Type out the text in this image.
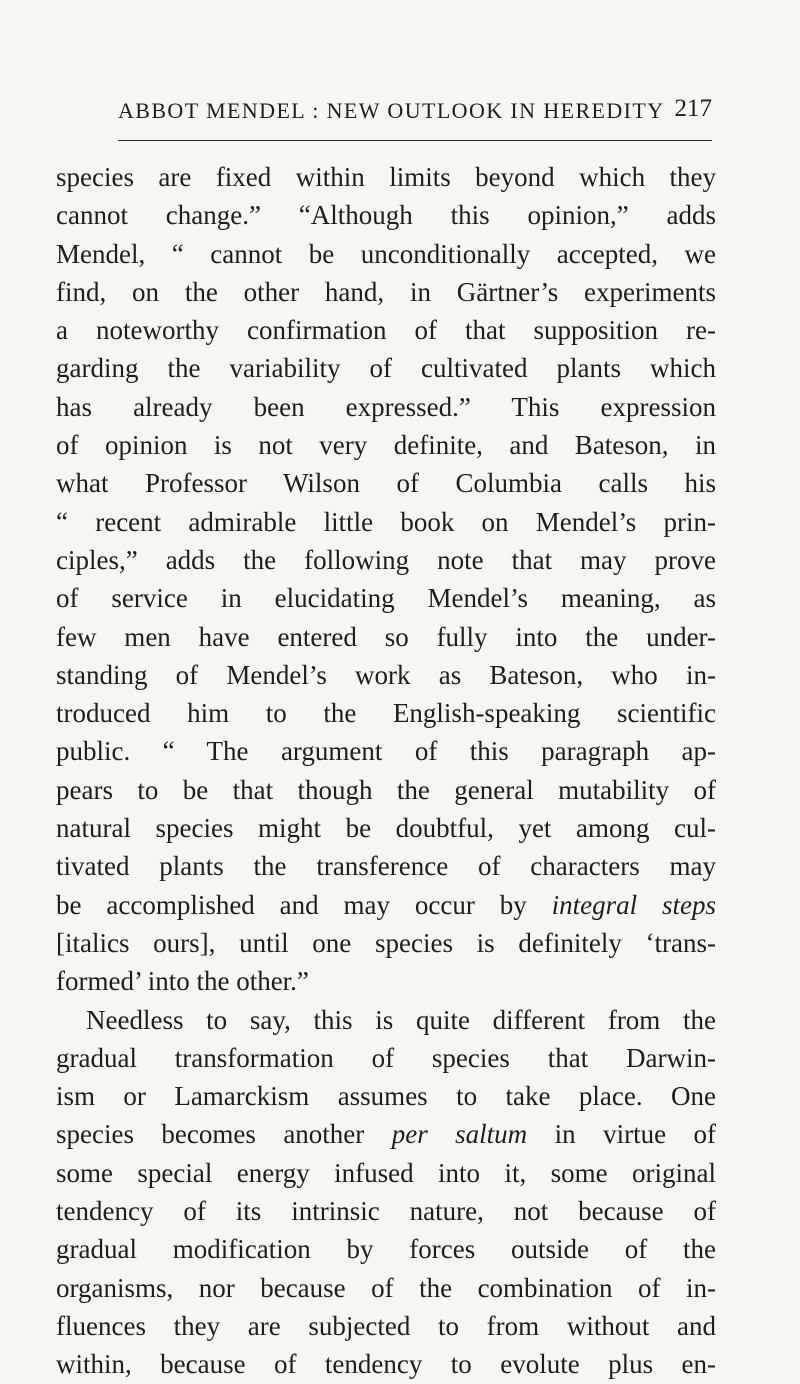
ABBOT MENDEL : NEW OUTLOOK IN HEREDITY 217
species are fixed within limits beyond which they
cannot change.” “Although this opinion,” adds
Mendel, “ cannot be unconditionally accepted, we
find, on the other hand, in Gärtner’s experiments
a noteworthy confirmation of that supposition re-
garding the variability of cultivated plants which
has already been expressed.” This expression
of opinion is not very definite, and Bateson, in
what Professor Wilson of Columbia calls his
“ recent admirable little book on Mendel’s prin-
ciples,” adds the following note that may prove
of service in elucidating Mendel’s meaning, as
few men have entered so fully into the under-
standing of Mendel’s work as Bateson, who in-
troduced him to the English-speaking scientific
public. “ The argument of this paragraph ap-
pears to be that though the general mutability of
natural species might be doubtful, yet among cul-
tivated plants the transference of characters may
be accomplished and may occur by integral steps
[italics ours], until one species is definitely ‘trans-
formed’ into the other.”
Needless to say, this is quite different from the
gradual transformation of species that Darwin-
ism or Lamarckism assumes to take place. One
species becomes another per saltum in virtue of
some special energy infused into it, some original
tendency of its intrinsic nature, not because of
gradual modification by forces outside of the
organisms, nor because of the combination of in-
fluences they are subjected to from without and
within, because of tendency to evolute plus en-
